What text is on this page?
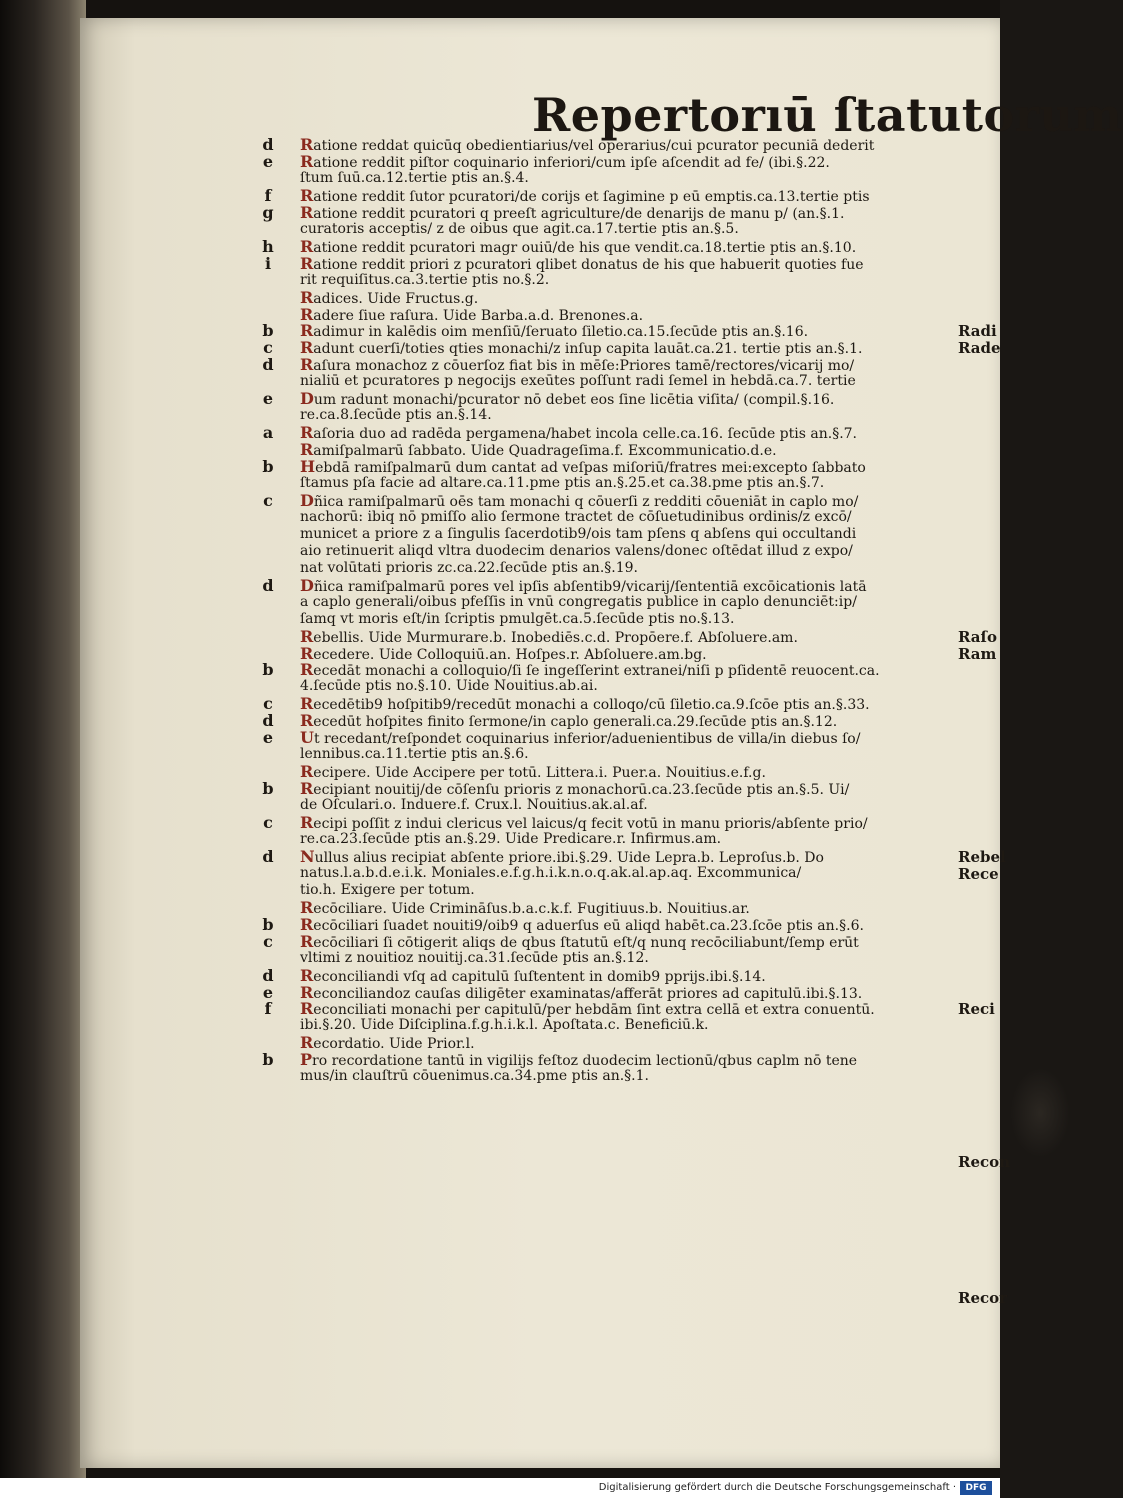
Repertorıū ſtatutorum
d Ratione reddat quicūq obedientiarius/vel operarius/cui pcurator pecuniā dederit
e	Ratione reddit piſtor coquinario inferiori/cum ipſe aſcendit ad fe/ (ibi.§.22.
ſtum ſuū.ca.12.tertie ptis an.§.4.
f	Ratione reddit ſutor pcuratori/de corijs et ſagimine p eū emptis.ca.13.tertie ptis
g Ratione reddit pcuratori q preeſt agriculture/de denarijs de manu p/ (an.§.1.
curatoris acceptis/ z de oibus que agit.ca.17.tertie ptis an.§.5.
h Ratione reddit pcuratori magr ouiū/de his que vendit.ca.18.tertie ptis an.§.10.
i	Ratione reddit priori z pcuratori qlibet donatus de his que habuerit quoties fue
rit requiſitus.ca.3.tertie ptis no.§.2.
Radices. Uide Fructus.g.
Radere ſiue raſura. Uide Barba.a.d. Brenones.a.
b Radimur in kalēdis oim menſiū/ſeruato ſiletio.ca.15.ſecūde ptis an.§.16.
c	Radunt cuerſi/toties qties monachi/z inſup capita lauāt.ca.21. tertie ptis an.§.1.
d Raſura monachoz z cōuerſoz fiat bis in mēſe:Priores tamē/rectores/vicarij mo/
nialiū et pcuratores p negocijs exeūtes poſſunt radi ſemel in hebdā.ca.7. tertie
e	Dum radunt monachi/pcurator nō debet eos ſine licētia viſita/ (compil.§.16.
re.ca.8.ſecūde ptis an.§.14.
a	Raſoria duo ad radēda pergamena/habet incola celle.ca.16. ſecūde ptis an.§.7.
Ramiſpalmarū ſabbato. Uide Quadrageſima.f. Excommunicatio.d.e.
b Hebdā ramiſpalmarū dum cantat ad veſpas miſoriū/fratres mei:excepto ſabbato
ſtamus pſa facie ad altare.ca.11.pme ptis an.§.25.et ca.38.pme ptis an.§.7.
c	Dñica ramiſpalmarū oēs tam monachi q cōuerſi z redditi cōueniāt in caplo mo/
nachorū: ibiq nō pmiſſo alio ſermone tractet de cōſuetudinibus ordinis/z excō/
municet a priore z a ſingulis ſacerdotib9/ois tam pſens q abſens qui occultandi
aio retinuerit aliqd vltra duodecim denarios valens/donec oſtēdat illud z expo/
nat volūtati prioris zc.ca.22.ſecūde ptis an.§.19.
d Dñica ramiſpalmarū pores vel ipſis abſentib9/vicarij/ſententiā excōicationis latā
a caplo generali/oibus pfeſſis in vnū congregatis publice in caplo denunciēt:ip/
ſamq vt moris eſt/in ſcriptis pmulgēt.ca.5.ſecūde ptis no.§.13.
Rebellis. Uide Murmurare.b. Inobediēs.c.d. Propōere.f. Abſoluere.am.
Recedere. Uide Colloquiū.an. Hoſpes.r. Abſoluere.am.bg.
b Recedāt monachi a colloquio/ſi ſe ingeſſerint extranei/niſi p pſidentē reuocent.ca.
4.ſecūde ptis no.§.10. Uide Nouitius.ab.ai.
c	Recedētib9 hoſpitib9/recedūt monachi a colloqo/cū ſiletio.ca.9.ſcōe ptis an.§.33.
d Recedūt hoſpites finito ſermone/in caplo generali.ca.29.ſecūde ptis an.§.12.
e	Ut recedant/reſpondet coquinarius inferior/aduenientibus de villa/in diebus ſo/
lennibus.ca.11.tertie ptis an.§.6.
Recipere. Uide Accipere per totū. Littera.i. Puer.a. Nouitius.e.f.g.
b Recipiant nouitij/de cōſenſu prioris z monachorū.ca.23.ſecūde ptis an.§.5. Ui/
de Oſculari.o. Induere.f. Crux.l. Nouitius.ak.al.af.
c	Recipi poſſit z indui clericus vel laicus/q fecit votū in manu prioris/abſente prio/
re.ca.23.ſecūde ptis an.§.29. Uide Predicare.r. Infirmus.am.
d Nullus alius recipiat abſente priore.ibi.§.29. Uide Lepra.b. Leproſus.b. Do
natus.l.a.b.d.e.i.k. Moniales.e.f.g.h.i.k.n.o.q.ak.al.ap.aq. Excommunica/
tio.h. Exigere per totum.
Recōciliare. Uide Crimināſus.b.a.c.k.f. Fugitiuus.b. Nouitius.ar.
b Recōciliari ſuadet nouiti9/oib9 q aduerſus eū aliqd habēt.ca.23.ſcōe ptis an.§.6.
c	Recōciliari ſi cōtigerit aliqs de qbus ſtatutū eſt/q nunq recōciliabunt/ſemp erūt
vltimi z nouitioz nouitij.ca.31.ſecūde ptis an.§.12.
d Reconciliandi vſq ad capitulū ſuſtentent in domib9 pprijs.ibi.§.14.
e	Reconciliandoz cauſas diligēter examinatas/afferāt priores ad capitulū.ibi.§.13.
f	Reconciliati monachi per capitulū/per hebdām ſint extra cellā et extra conuentū.
ibi.§.20. Uide Diſciplina.f.g.h.i.k.l. Apoſtata.c. Beneficiū.k.
Recordatio. Uide Prior.l.
b Pro recordatione tantū in vigilijs feſtoz duodecim lectionū/qbus caplm nō tene
mus/in clauſtrū cōuenimus.ca.34.pme ptis an.§.1.
Radi
Rade
Raſo
Ram
Rebel
Rece
Reci
Recon
Recor
Digitalisierung gefördert durch die Deutsche Forschungsgemeinschaft ·	DFG
